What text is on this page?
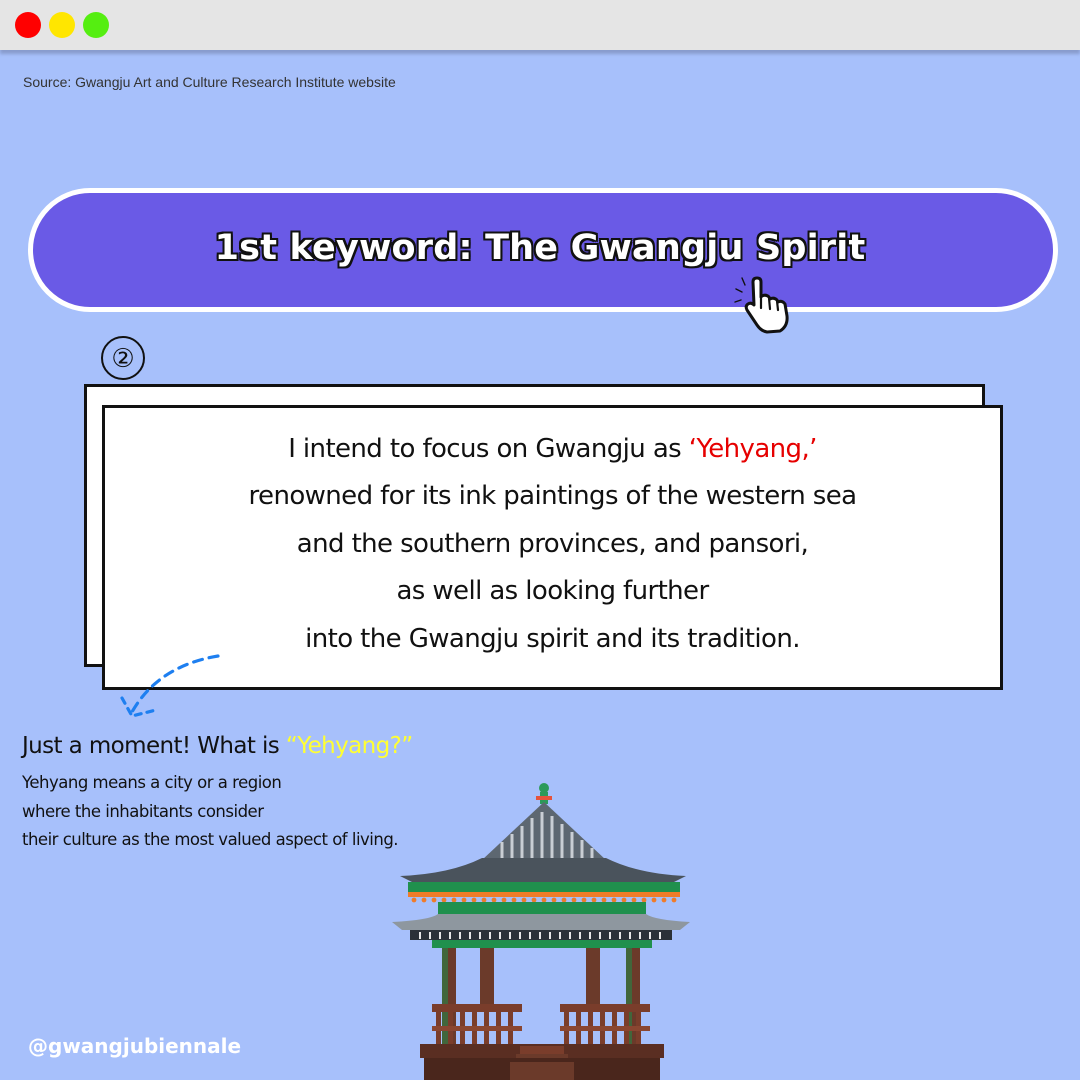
Source: Gwangju Art and Culture Research Institute website
1st keyword: The Gwangju Spirit
②
I intend to focus on Gwangju as ‘Yehyang,’
renowned for its ink paintings of the western sea
and the southern provinces, and pansori,
as well as looking further
into the Gwangju spirit and its tradition.
Just a moment! What is “Yehyang?”
Yehyang means a city or a region
where the inhabitants consider
their culture as the most valued aspect of living.
@gwangjubiennale
